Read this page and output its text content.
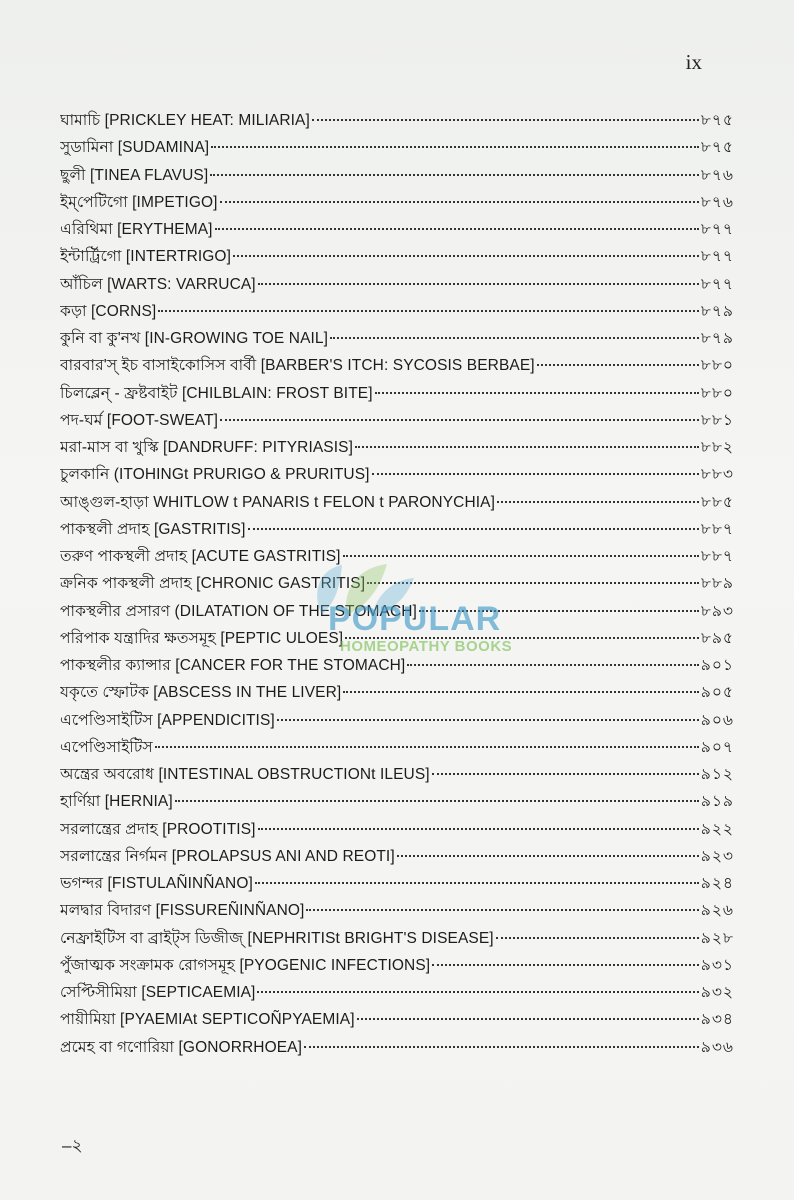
ix
ঘামাচি [PRICKLEY HEAT: MILIARIA]	৮৭৫
সুডামিনা [SUDAMINA]	৮৭৫
ছুলী [TINEA FLAVUS]	৮৭৬
ইম্‌পেটিগো [IMPETIGO]	৮৭৬
এরিথিমা [ERYTHEMA]	৮৭৭
ইন্টার্ট্রিগো [INTERTRIGO]	৮৭৭
আঁচিল [WARTS: VARRUCA]	৮৭৭
কড়া [CORNS]	৮৭৯
কুনি বা কু'নখ [IN-GROWING TOE NAIL]	৮৭৯
বারবার'স্‌ ইচ বাসাইকোসিস বার্বী [BARBER'S ITCH: SYCOSIS BERBAE]	৮৮০
চিলব্লেন্‌ - ফ্রষ্টবাইট [CHILBLAIN: FROST BITE]	৮৮০
পদ-ঘর্ম [FOOT-SWEAT]	৮৮১
মরা-মাস বা খুস্কি [DANDRUFF: PITYRIASIS]	৮৮২
চুলকানি (ITOHINGt PRURIGO & PRURITUS]	৮৮৩
আঙ্গুল-হাড়া WHITLOW t PANARIS t FELON t PARONYCHIA]	৮৮৫
পাকস্থলী প্রদাহ [GASTRITIS]	৮৮৭
তরুণ পাকস্থলী প্রদাহ [ACUTE GASTRITIS]	৮৮৭
ক্রনিক পাকস্থলী প্রদাহ [CHRONIC GASTRITIS]	৮৮৯
পাকস্থলীর প্রসারণ (DILATATION OF THE STOMACH]	৮৯৩
পরিপাক যন্ত্রাদির ক্ষতসমূহ [PEPTIC ULOES]	৮৯৫
পাকস্থলীর ক্যান্সার [CANCER FOR THE STOMACH]	৯০১
যকৃতে স্ফোটক [ABSCESS IN THE LIVER]	৯০৫
এপেণ্ডিসাইটিস [APPENDICITIS]	৯০৬
এপেণ্ডিসাইটিস	৯০৭
অন্ত্রের অবরোধ [INTESTINAL OBSTRUCTIONt ILEUS]	৯১২
হার্ণিয়া [HERNIA]	৯১৯
সরলান্ত্রের প্রদাহ [PROOTITIS]	৯২২
সরলান্ত্রের নির্গমন [PROLAPSUS ANI AND REOTI]	৯২৩
ভগন্দর [FISTULAÑINÑANO]	৯২৪
মলদ্বার বিদারণ [FISSUREÑINÑANO]	৯২৬
নেফ্রাইটিস বা ব্রাইট্‌স ডিজীজ্‌ [NEPHRITISt BRIGHT'S DISEASE]	৯২৮
পুঁজাত্মক সংক্রামক রোগসমূহ [PYOGENIC INFECTIONS]	৯৩১
সেপ্টিসীমিয়া [SEPTICAEMIA]	৯৩২
পায়ীমিয়া [PYAEMIAt SEPTICOÑPYAEMIA]	৯৩৪
প্রমেহ বা গণোরিয়া [GONORRHOEA]	৯৩৬
POPULAR
HOMEOPATHY BOOKS
–২
